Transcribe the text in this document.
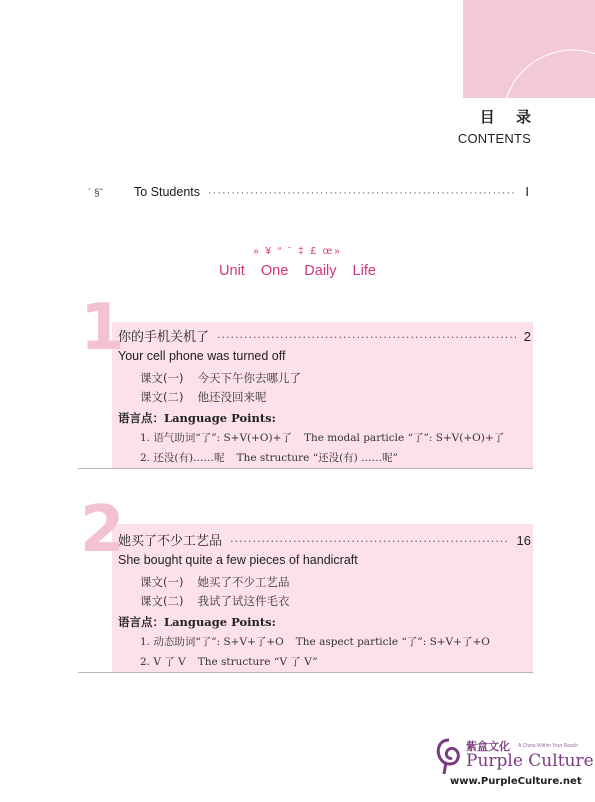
目 录
CONTENTS
´ §ˇ	To Students ·····	I
» ¥ “ ¨ ‡ £ œ»
Unit One Daily Life
1
你的手机关机了 ·····	2
Your cell phone was turned off
课文(一) 今天下午你去哪儿了
课文(二) 他还没回来呢
语言点：Language Points:
1. 语气助词“了”: S+V(+O)+了 The modal particle “了”: S+V(+O)+了
2. 还没(有)……呢 The structure “还没(有) ……呢”
2
她买了不少工艺品 ·····	16
She bought quite a few pieces of handicraft
课文(一) 她买了不少工艺品
课文(二) 我试了试这件毛衣
语言点：Language Points:
1. 动态助词“了”: S+V+了+O The aspect particle “了”: S+V+了+O
2. V 了 V The structure “V 了 V”
紫盒文化 A China Within Your Reach
Purple Culture
www.PurpleCulture.net
